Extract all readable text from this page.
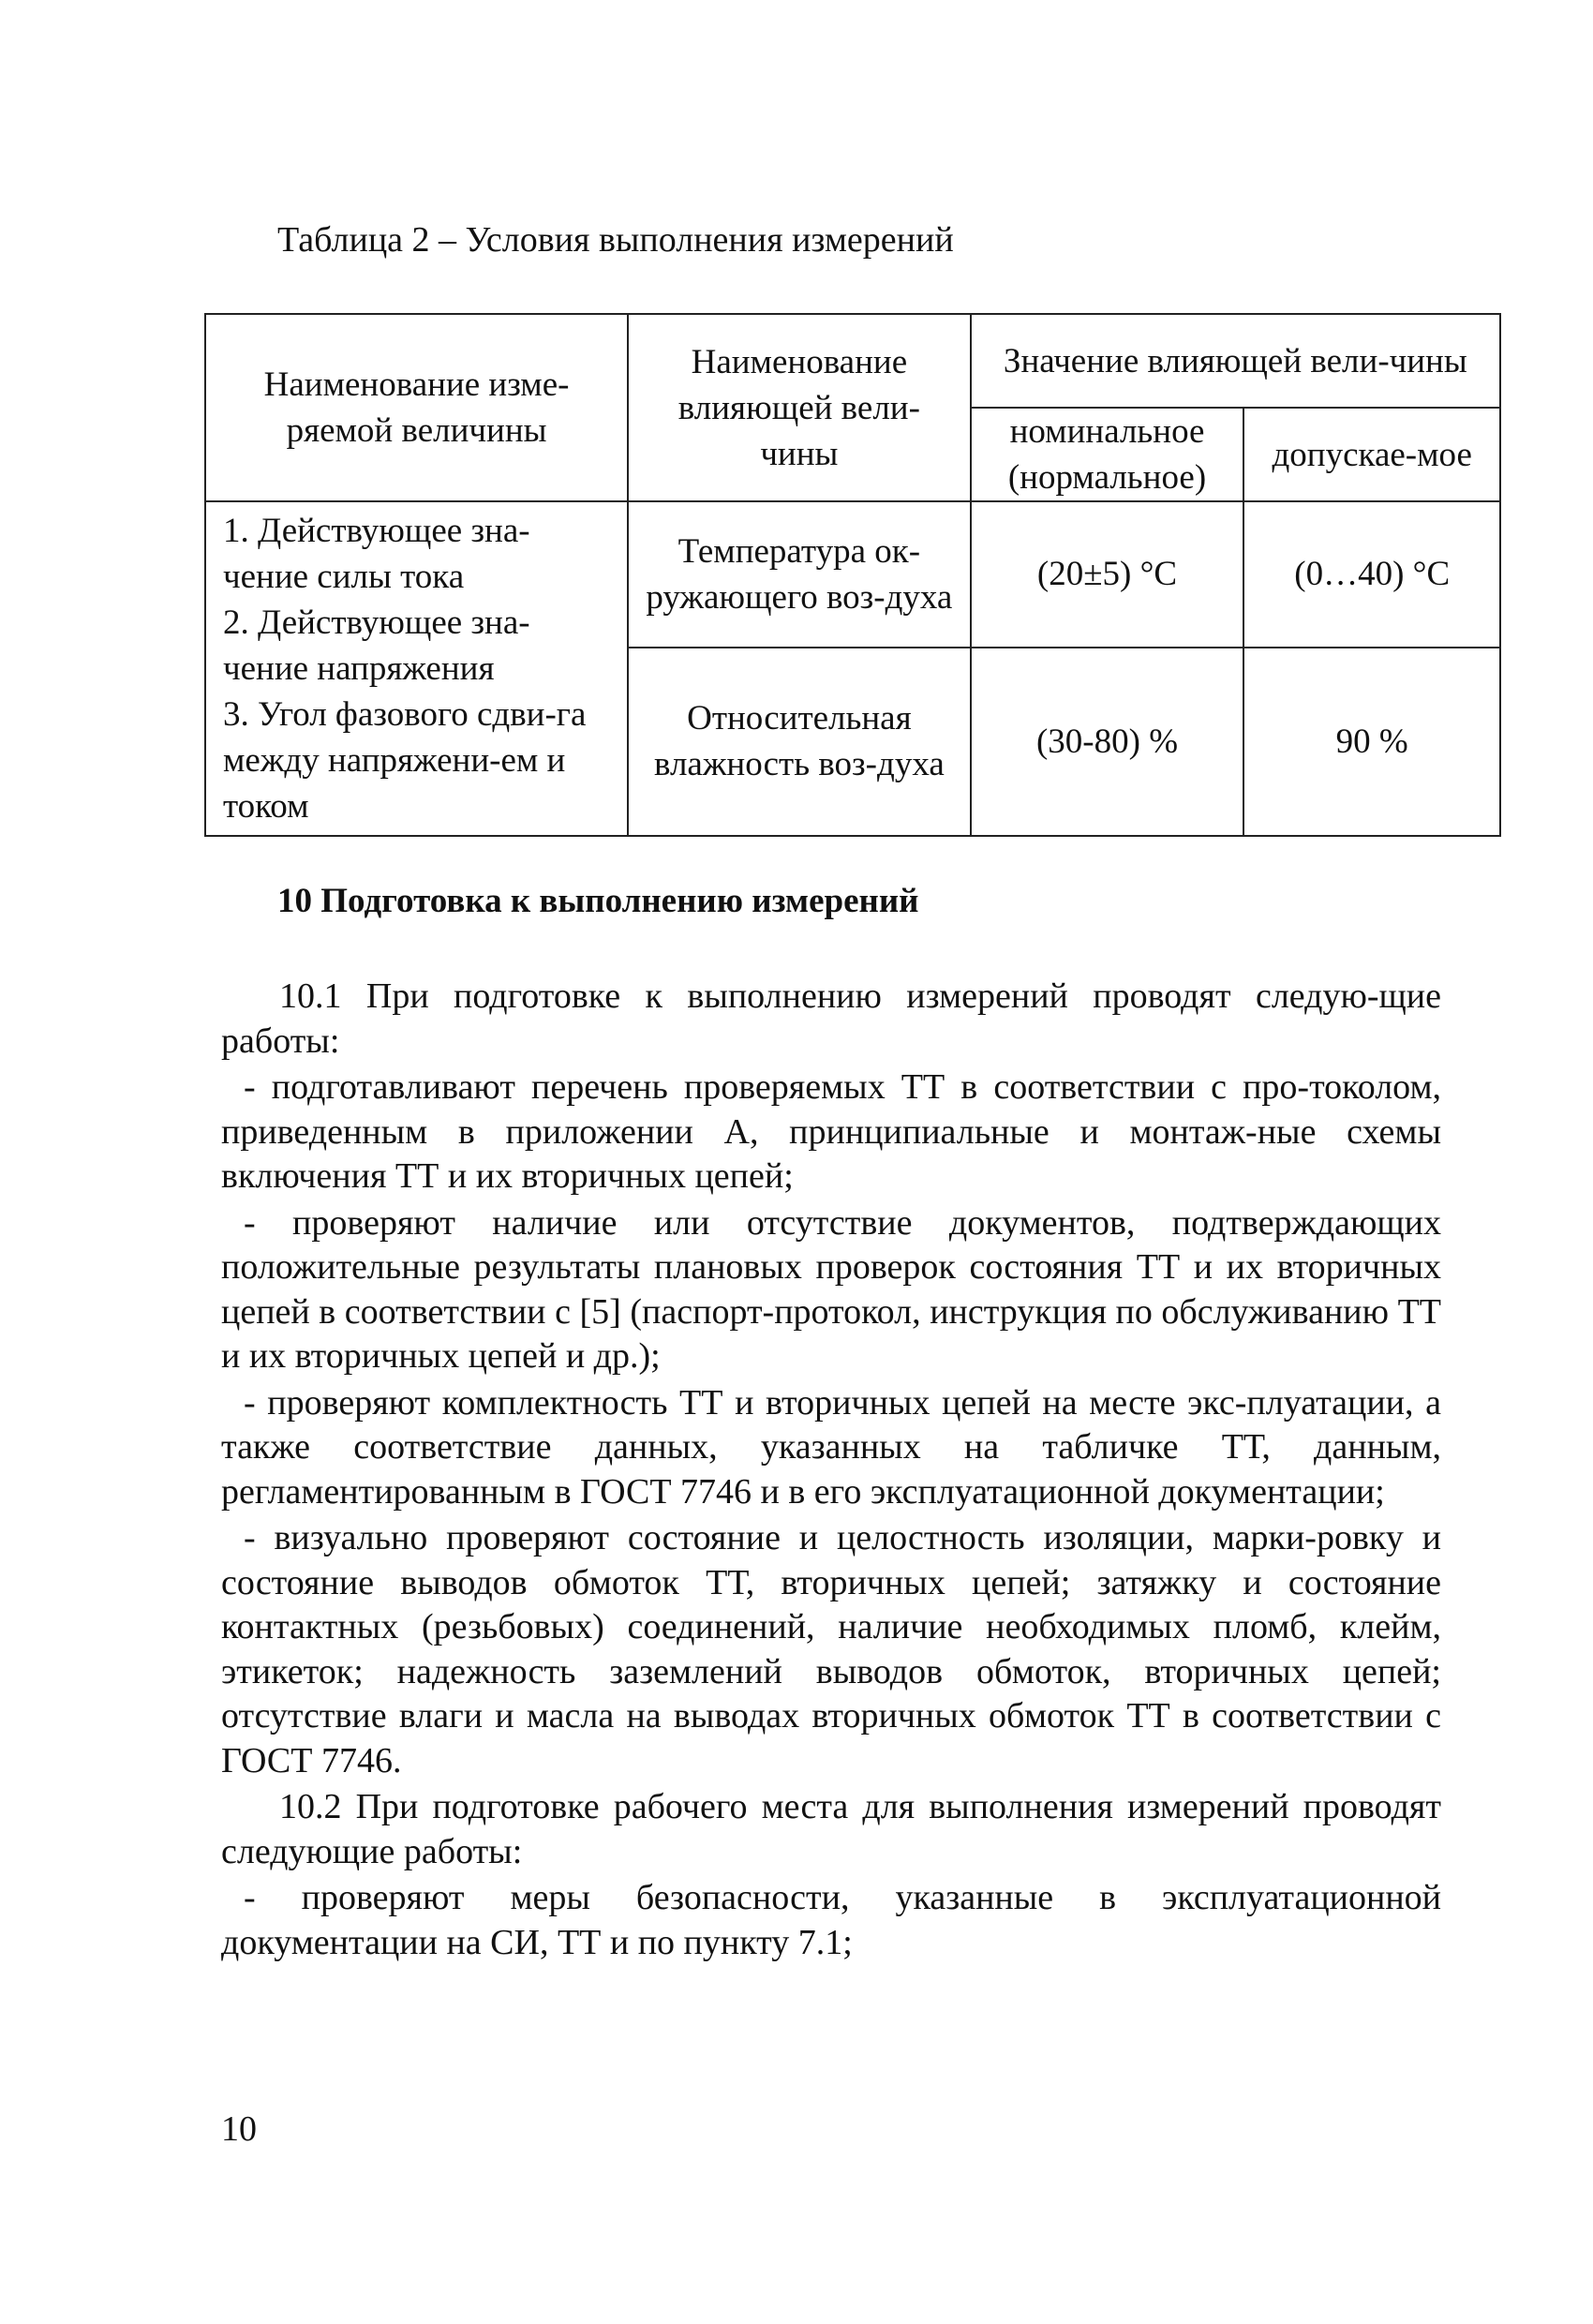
Таблица 2 – Условия выполнения измерений
Наименование изме-ряемой величины	Наименование влияющей вели-чины	Значение влияющей вели-чины	
		номинальное (нормальное)	допускае-мое

1. Действующее зна-чение силы тока
2. Действующее зна-чение напряжения
3. Угол фазового сдви-га между напряжени-ем и током	Температура ок-ружающего воз-духа	(20±5) °С	(0…40) °С
	Относительная влажность воз-духа	(30-80) %	90 %
10 Подготовка к выполнению измерений

10.1 При подготовке к выполнению измерений проводят следую-щие работы:

- подготавливают перечень проверяемых ТТ в соответствии с про-токолом, приведенным в приложении А, принципиальные и монтаж-ные схемы включения ТТ и их вторичных цепей;

- проверяют наличие или отсутствие документов, подтверждающих положительные результаты плановых проверок состояния ТТ и их вторичных цепей в соответствии с [5] (паспорт-протокол, инструкция по обслуживанию ТТ и их вторичных цепей и др.);

- проверяют комплектность ТТ и вторичных цепей на месте экс-плуатации, а также соответствие данных, указанных на табличке ТТ, данным, регламентированным в ГОСТ 7746 и в его эксплуатационной документации;

- визуально проверяют состояние и целостность изоляции, марки-ровку и состояние выводов обмоток ТТ, вторичных цепей; затяжку и состояние контактных (резьбовых) соединений, наличие необходимых пломб, клейм, этикеток; надежность заземлений выводов обмоток, вторичных цепей; отсутствие влаги и масла на выводах вторичных обмоток ТТ в соответствии с ГОСТ 7746.

10.2 При подготовке рабочего места для выполнения измерений проводят следующие работы:

- проверяют меры безопасности, указанные в эксплуатационной документации на СИ, ТТ и по пункту 7.1;

10
